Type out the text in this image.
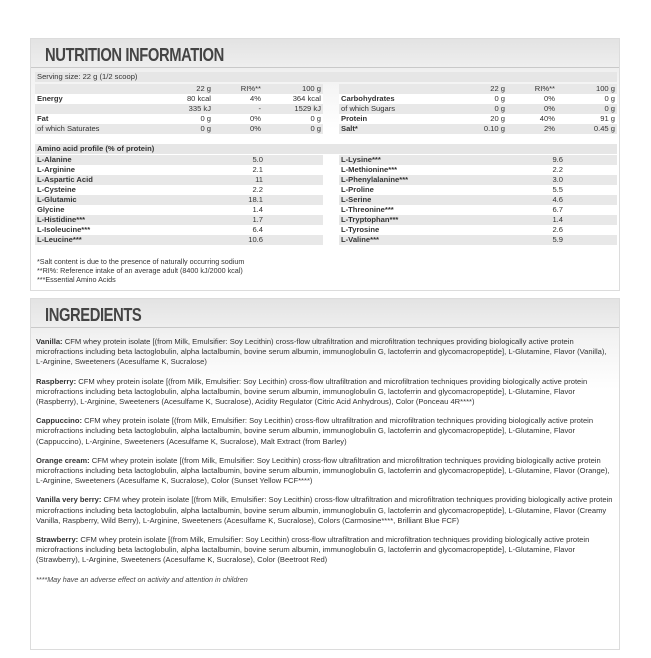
NUTRITION INFORMATION
Serving size: 22 g (1/2 scoop)
	22 g	RI%**	100 g
Energy	80 kcal	4%	364 kcal
	335 kJ	-	1529 kJ
Fat	0 g	0%	0 g
of which Saturates	0 g	0%	0 g
	22 g	RI%**	100 g
Carbohydrates	0 g	0%	0 g
of which Sugars	0 g	0%	0 g
Protein	20 g	40%	91 g
Salt*	0.10 g	2%	0.45 g
Amino acid profile (% of protein)
L-Alanine	5.0	
L-Arginine	2.1	
L-Aspartic Acid	11	
L-Cysteine	2.2	
L-Glutamic	18.1	
Glycine	1.4	
L-Histidine***	1.7	
L-Isoleucine***	6.4	
L-Leucine***	10.6	
L-Lysine***	9.6	
L-Methionine***	2.2	
L-Phenylalanine***	3.0	
L-Proline	5.5	
L-Serine	4.6	
L-Threonine***	6.7	
L-Tryptophan***	1.4	
L-Tyrosine	2.6	
L-Valine***	5.9	
*Salt content is due to the presence of naturally occurring sodium
**RI%: Reference intake of an average adult (8400 kJ/2000 kcal)
***Essential Amino Acids
INGREDIENTS
Vanilla: CFM whey protein isolate [(from Milk, Emulsifier: Soy Lecithin) cross-flow ultrafiltration and microfiltration techniques providing biologically active protein
microfractions including beta lactoglobulin, alpha lactalbumin, bovine serum albumin, immunoglobulin G, lactoferrin and glycomacropeptide], L-Glutamine, Flavor (Vanilla),
L-Arginine, Sweeteners (Acesulfame K, Sucralose)
Raspberry: CFM whey protein isolate [(from Milk, Emulsifier: Soy Lecithin) cross-flow ultrafiltration and microfiltration techniques providing biologically active protein
microfractions including beta lactoglobulin, alpha lactalbumin, bovine serum albumin, immunoglobulin G, lactoferrin and glycomacropeptide], L-Glutamine, Flavor
(Raspberry), L-Arginine, Sweeteners (Acesulfame K, Sucralose), Acidity Regulator (Citric Acid Anhydrous), Color (Ponceau 4R****)
Cappuccino: CFM whey protein isolate [(from Milk, Emulsifier: Soy Lecithin) cross-flow ultrafiltration and microfiltration techniques providing biologically active protein
microfractions including beta lactoglobulin, alpha lactalbumin, bovine serum albumin, immunoglobulin G, lactoferrin and glycomacropeptide], L-Glutamine, Flavor
(Cappuccino), L-Arginine, Sweeteners (Acesulfame K, Sucralose), Malt Extract (from Barley)
Orange cream: CFM whey protein isolate [(from Milk, Emulsifier: Soy Lecithin) cross-flow ultrafiltration and microfiltration techniques providing biologically active protein
microfractions including beta lactoglobulin, alpha lactalbumin, bovine serum albumin, immunoglobulin G, lactoferrin and glycomacropeptide], L-Glutamine, Flavor (Orange),
L-Arginine, Sweeteners (Acesulfame K, Sucralose), Color (Sunset Yellow FCF****)
Vanilla very berry: CFM whey protein isolate [(from Milk, Emulsifier: Soy Lecithin) cross-flow ultrafiltration and microfiltration techniques providing biologically active protein
microfractions including beta lactoglobulin, alpha lactalbumin, bovine serum albumin, immunoglobulin G, lactoferrin and glycomacropeptide], L-Glutamine, Flavor (Creamy
Vanilla, Raspberry, Wild Berry), L-Arginine, Sweeteners (Acesulfame K, Sucralose), Colors (Carmosine****, Brilliant Blue FCF)
Strawberry: CFM whey protein isolate [(from Milk, Emulsifier: Soy Lecithin) cross-flow ultrafiltration and microfiltration techniques providing biologically active protein
microfractions including beta lactoglobulin, alpha lactalbumin, bovine serum albumin, immunoglobulin G, lactoferrin and glycomacropeptide], L-Glutamine, Flavor
(Strawberry), L-Arginine, Sweeteners (Acesulfame K, Sucralose), Color (Beetroot Red)
****May have an adverse effect on activity and attention in children
